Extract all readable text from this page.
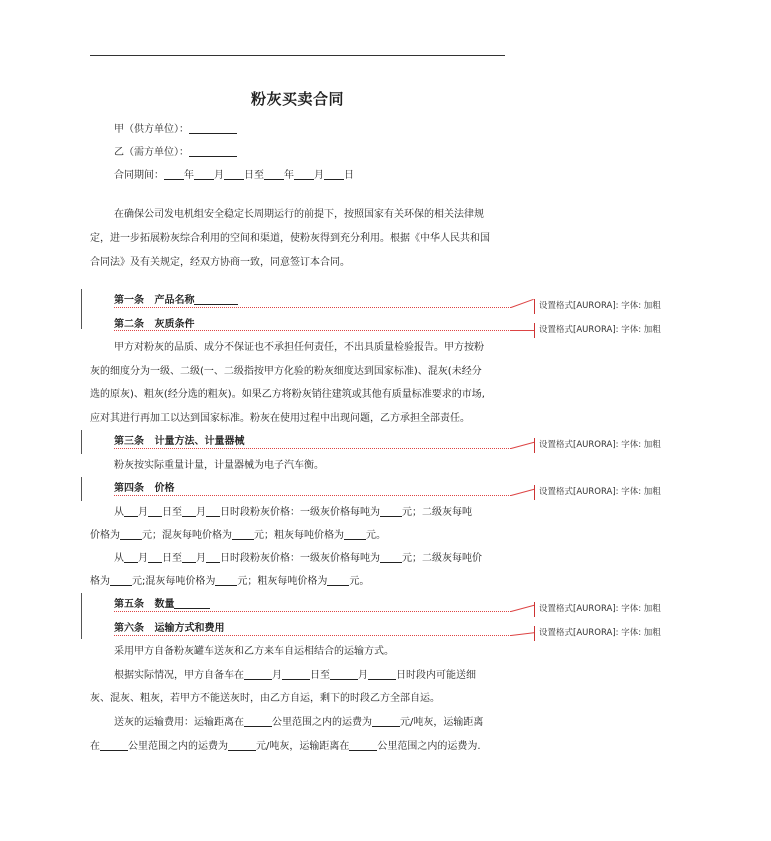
粉灰买卖合同
甲（供方单位）：
乙（需方单位）：
合同期间： 年 月 日至 年 月 日
在确保公司发电机组安全稳定长周期运行的前提下，按照国家有关环保的相关法律规
定，进一步拓展粉灰综合利用的空间和渠道，使粉灰得到充分利用。根据《中华人民共和国
合同法》及有关规定，经双方协商一致，同意签订本合同。
第一条 产品名称
第二条 灰质条件
甲方对粉灰的品质、成分不保证也不承担任何责任，不出具质量检验报告。甲方按粉
灰的细度分为一级、二级(一、二级指按甲方化验的粉灰细度达到国家标准)、混灰(未经分
选的原灰)、粗灰(经分选的粗灰)。如果乙方将粉灰销往建筑或其他有质量标准要求的市场,
应对其进行再加工以达到国家标准。粉灰在使用过程中出现问题，乙方承担全部责任。
第三条 计量方法、计量器械
粉灰按实际重量计量，计量器械为电子汽车衡。
第四条 价格
从 月 日至 月 日时段粉灰价格：一级灰价格每吨为 元；二级灰每吨
价格为 元；混灰每吨价格为 元；粗灰每吨价格为 元。
从 月 日至 月 日时段粉灰价格：一级灰价格每吨为 元；二级灰每吨价
格为 元;混灰每吨价格为 元；粗灰每吨价格为 元。
第五条 数量
第六条 运输方式和费用
采用甲方自备粉灰罐车送灰和乙方来车自运相结合的运输方式。
根据实际情况，甲方自备车在	月	日至	月	日时段内可能送细
灰、混灰、粗灰，若甲方不能送灰时，由乙方自运，剩下的时段乙方全部自运。
送灰的运输费用：运输距离在	公里范围之内的运费为	元/吨灰，运输距离
在	公里范围之内的运费为	元/吨灰，运输距离在	公里范围之内的运费为.
设置格式[AURORA]: 字体: 加粗
设置格式[AURORA]: 字体: 加粗
设置格式[AURORA]: 字体: 加粗
设置格式[AURORA]: 字体: 加粗
设置格式[AURORA]: 字体: 加粗
设置格式[AURORA]: 字体: 加粗
